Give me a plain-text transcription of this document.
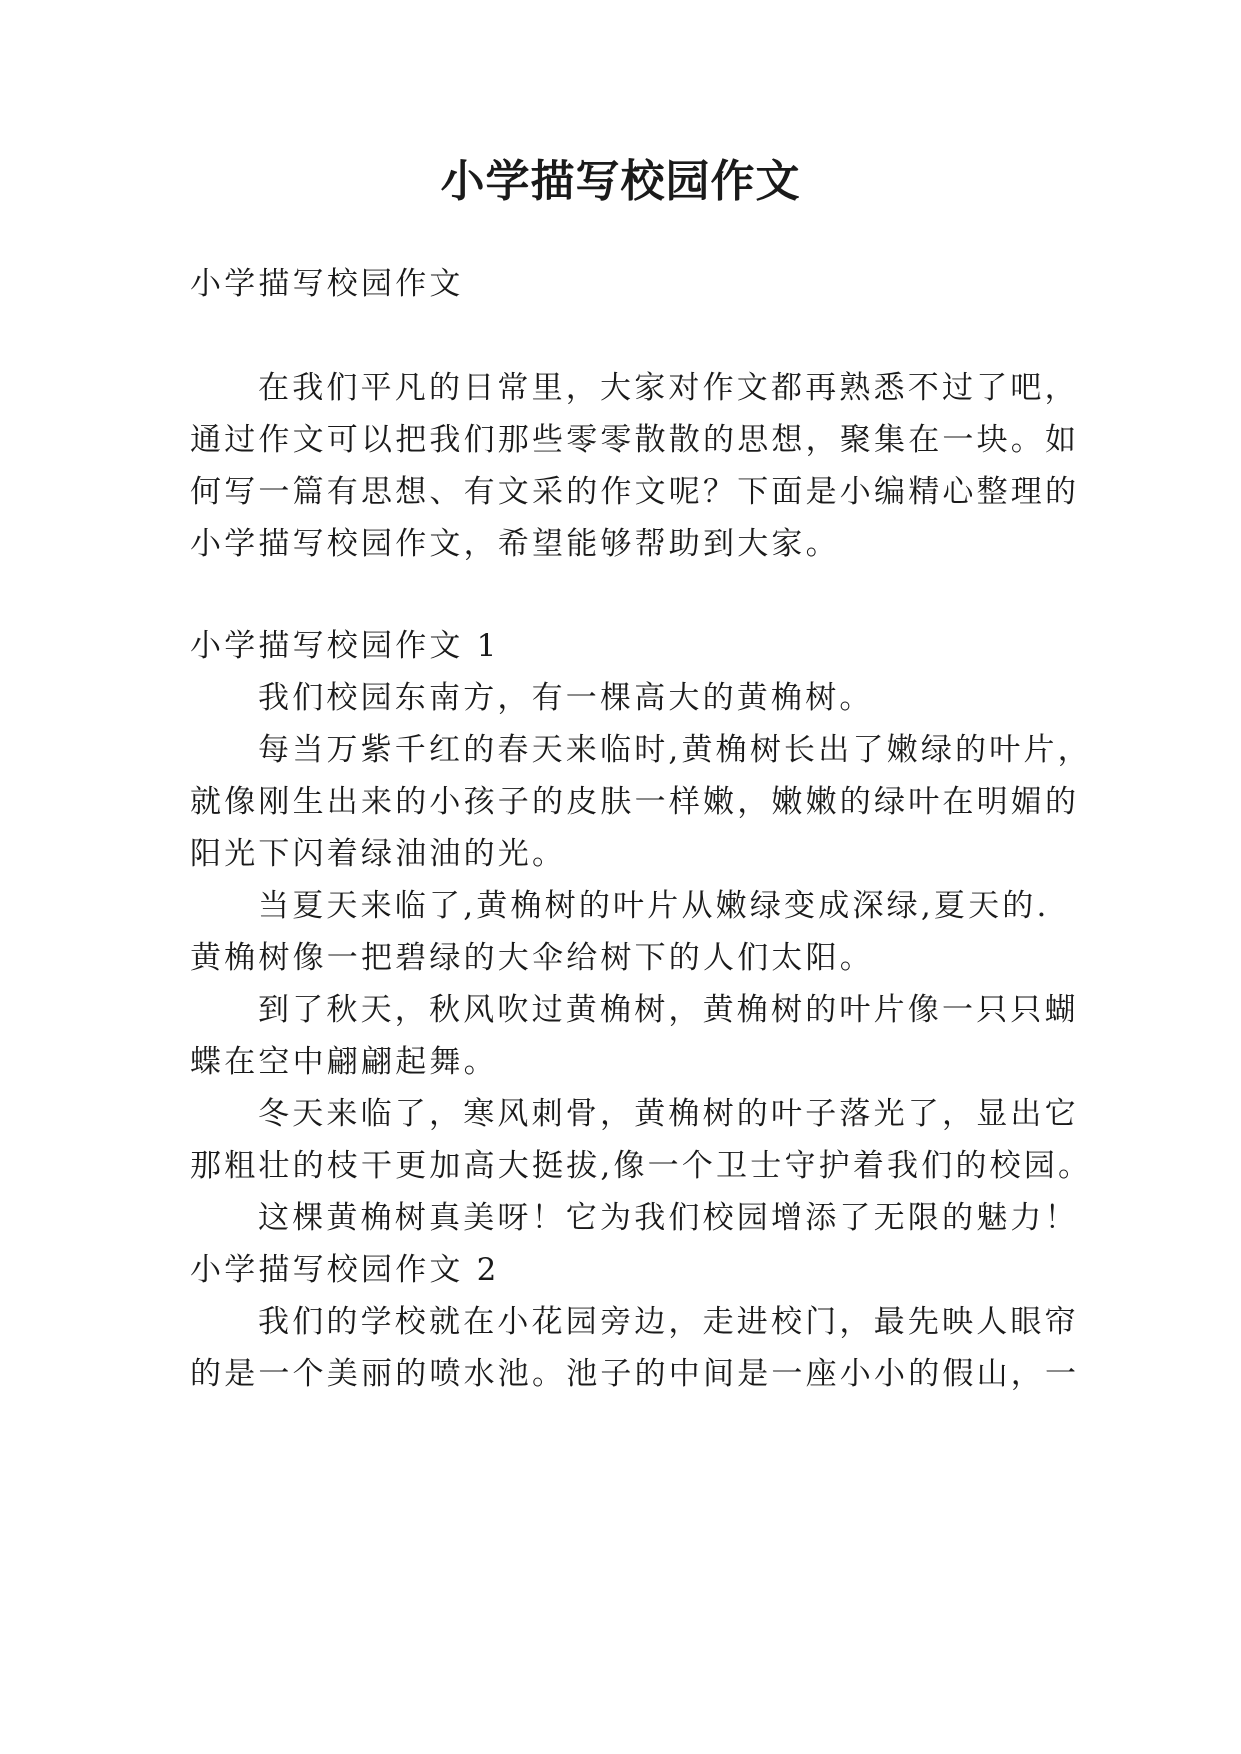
小学描写校园作文
小学描写校园作文
在我们平凡的日常里，大家对作文都再熟悉不过了吧，
通过作文可以把我们那些零零散散的思想，聚集在一块。如
何写一篇有思想、有文采的作文呢？下面是小编精心整理的
小学描写校园作文，希望能够帮助到大家。
小学描写校园作文 1
我们校园东南方，有一棵高大的黄桷树。
每当万紫千红的春天来临时,黄桷树长出了嫩绿的叶片，
就像刚生出来的小孩子的皮肤一样嫩，嫩嫩的绿叶在明媚的
阳光下闪着绿油油的光。
当夏天来临了,黄桷树的叶片从嫩绿变成深绿,夏天的.
黄桷树像一把碧绿的大伞给树下的人们太阳。
到了秋天，秋风吹过黄桷树，黄桷树的叶片像一只只蝴
蝶在空中翩翩起舞。
冬天来临了，寒风刺骨，黄桷树的叶子落光了，显出它
那粗壮的枝干更加高大挺拔,像一个卫士守护着我们的校园。
这棵黄桷树真美呀！它为我们校园增添了无限的魅力！
小学描写校园作文 2
我们的学校就在小花园旁边，走进校门，最先映人眼帘
的是一个美丽的喷水池。池子的中间是一座小小的假山，一
